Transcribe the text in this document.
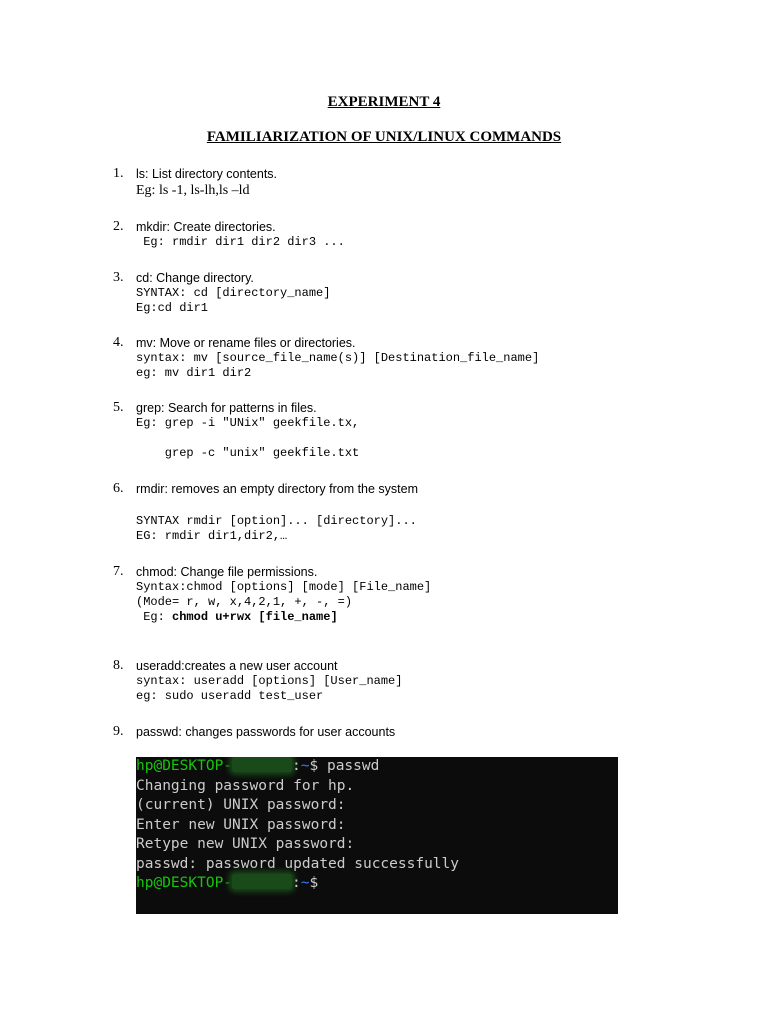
EXPERIMENT 4
FAMILIARIZATION OF UNIX/LINUX COMMANDS
1.	ls: List directory contents.
Eg: ls -1, ls-lh,ls –ld
2.	mkdir: Create directories.
Eg: rmdir dir1 dir2 dir3 ...
3.	cd: Change directory.
SYNTAX: cd [directory_name]
Eg:cd dir1
4.	mv: Move or rename files or directories.
syntax: mv [source_file_name(s)] [Destination_file_name]
eg: mv dir1 dir2
5.	grep: Search for patterns in files.
Eg: grep -i "UNix" geekfile.tx,
grep -c "unix" geekfile.txt
6.	rmdir: removes an empty directory from the system
SYNTAX rmdir [option]... [directory]...
EG: rmdir dir1,dir2,…
7.	chmod: Change file permissions.
Syntax:chmod [options] [mode] [File_name]
(Mode= r, w, x,4,2,1, +, -, =)
Eg: chmod u+rwx [file_name]
8.	useradd:creates a new user account
syntax: useradd [options] [User_name]
eg: sudo useradd test_user
9.	passwd: changes passwords for user accounts
hp@DESKTOP-	:~$ passwd
Changing password for hp.
(current) UNIX password:
Enter new UNIX password:
Retype new UNIX password:
passwd: password updated successfully
hp@DESKTOP-	:~$
